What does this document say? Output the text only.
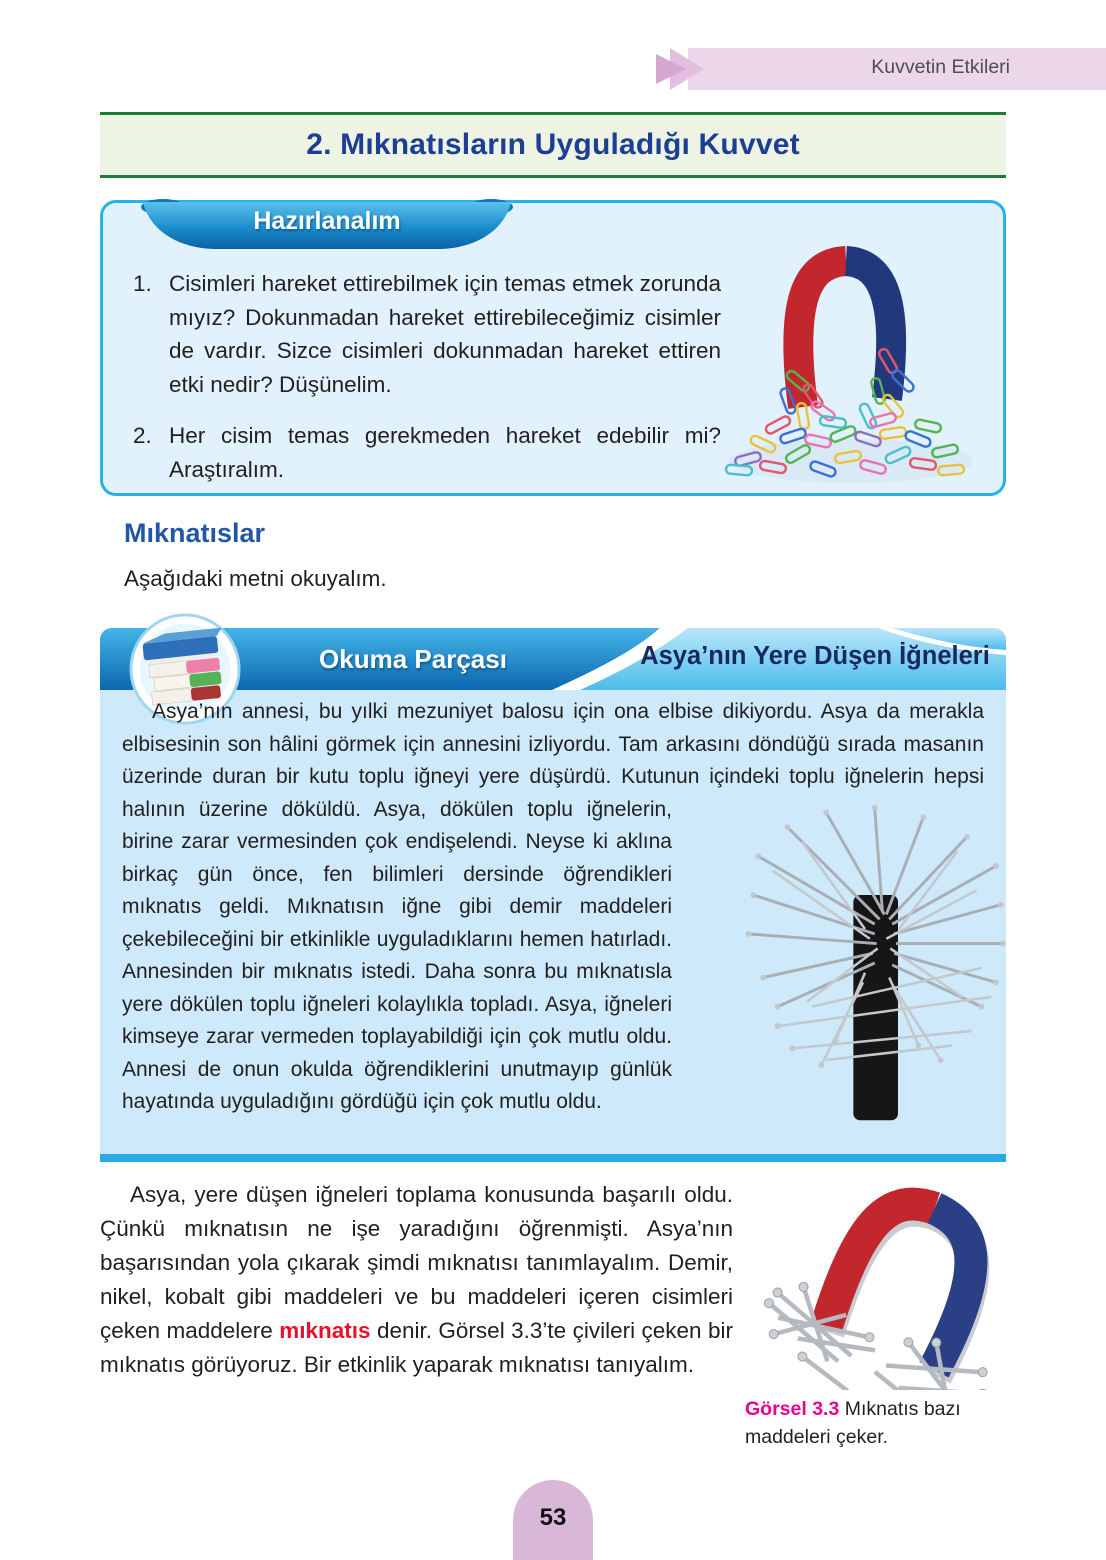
Kuvvetin Etkileri
2. Mıknatısların Uyguladığı Kuvvet
Hazırlanalım
1. Cisimleri hareket ettirebilmek için temas etmek zorunda mıyız? Dokunmadan hareket ettirebileceğimiz cisimler de vardır. Sizce cisimleri dokunmadan hareket ettiren etki nedir? Düşünelim.
2. Her cisim temas gerekmeden hareket edebilir mi? Araştıralım.
Mıknatıslar
Aşağıdaki metni okuyalım.
Okuma Parçası	Asya’nın Yere Düşen İğneleri

Asya’nın annesi, bu yılki mezuniyet balosu için ona elbise dikiyordu. Asya da merakla elbisesinin son hâlini görmek için annesini izliyordu. Tam arkasını döndüğü sırada masanın üzerinde duran bir kutu toplu iğneyi yere düşürdü. Kutunun içindeki toplu iğnelerin hepsi halının üzerine döküldü. Asya, dökülen toplu iğnelerin, birine zarar vermesinden çok endişelendi. Neyse ki aklına birkaç gün önce, fen bilimleri dersinde öğrendikleri mıknatıs geldi. Mıknatısın iğne gibi demir maddeleri çekebileceğini bir etkinlikle uyguladıklarını hemen hatırladı. Annesinden bir mıknatıs istedi. Daha sonra bu mıknatısla yere dökülen toplu iğneleri kolaylıkla topladı. Asya, iğneleri kimseye zarar vermeden toplayabildiği için çok mutlu oldu. Annesi de onun okulda öğrendiklerini unutmayıp günlük hayatında uyguladığını gördüğü için çok mutlu oldu.

Görsel 3.3 Mıknatıs bazı maddeleri çeker.

Asya, yere düşen iğneleri toplama konusunda başarılı oldu. Çünkü mıknatısın ne işe yaradığını öğrenmişti. Asya’nın başarısından yola çıkarak şimdi mıknatısı tanımlayalım. Demir, nikel, kobalt gibi maddeleri ve bu maddeleri içeren cisimleri çeken maddelere mıknatıs denir. Görsel 3.3’te çivileri çeken bir mıknatıs görüyoruz. Bir etkinlik yaparak mıknatısı tanıyalım.

53
